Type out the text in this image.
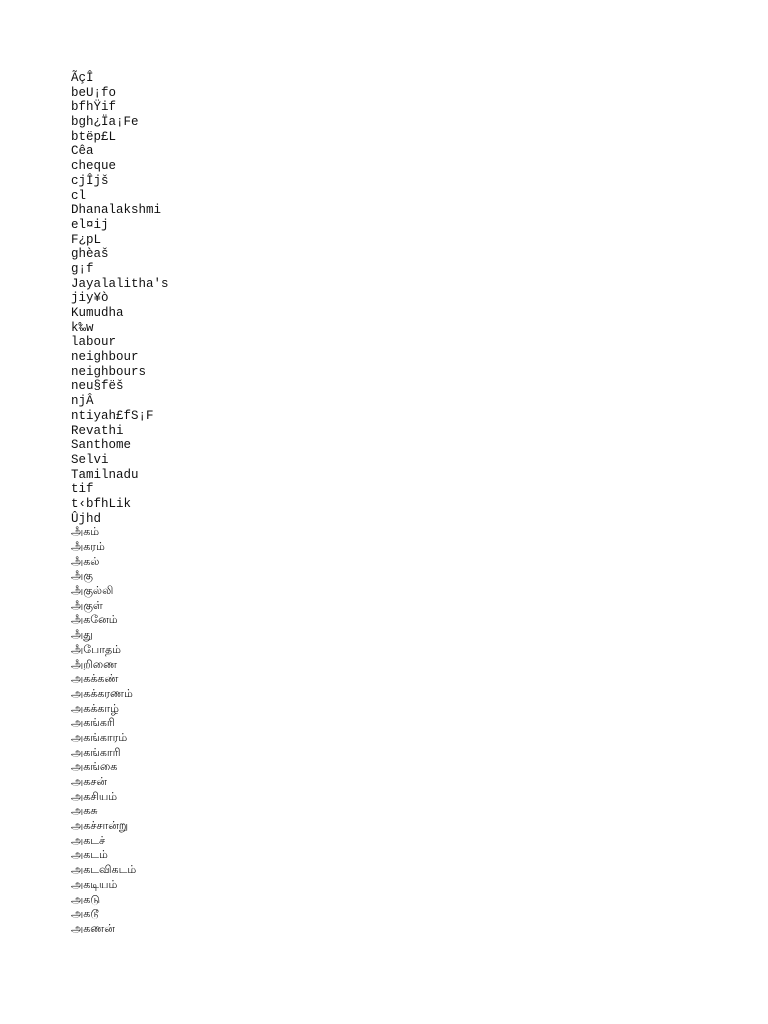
ÃçÎ
beU¡fo
bfhŸif
bgh¿Ïa¡Fe
btëp£L
Cêa
cheque
cjÎjš
cl
Dhanalakshmi
el¤ij
F¿pL
ghèaš
g¡f
Jayalalitha's
jiy¥ò
Kumudha
k‰w
labour
neighbour
neighbours
neu§fëš
njÂ
ntiyah£fS¡F
Revathi
Santhome
Selvi
Tamilnadu
tif
t‹bfhLik
Ûjhd
அஂகம்
அஂகரம்
அஂகல்
அஂகு
அஂகுல்லி
அஂகுள்
அஂகனேம்
அஂது
அஂபோதம்
அஂறிணை
அகக்கண்
அகக்கரணம்
அகக்காழ்
அகங்கரி
அகங்காரம்
அகங்காரி
அகங்கை
அகசன்
அகசியம்
அகசு
அகச்சான்று
அகடச்
அகடம்
அகடவிகடம்
அகடியம்
அகடு
அகடூ
அகணன்
